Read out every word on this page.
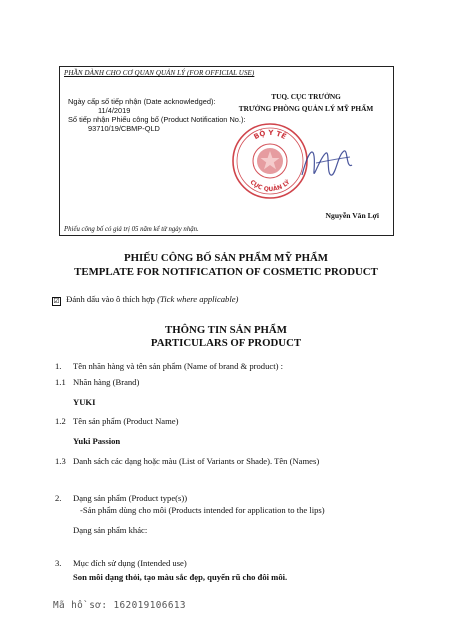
PHẦN DÀNH CHO CƠ QUAN QUẢN LÝ (FOR OFFICIAL USE)
Ngày cấp số tiếp nhận (Date acknowledged):
11/4/2019
Số tiếp nhận Phiếu công bố (Product Notification No.):
93710/19/CBMP-QLD
TUQ. CỤC TRƯỞNG
TRƯỞNG PHÒNG QUẢN LÝ MỸ PHẨM
BỘ Y TẾ
CỤC QUẢN LÝ
Nguyễn Văn Lợi
Phiếu công bố có giá trị 05 năm kể từ ngày nhận.
PHIẾU CÔNG BỐ SẢN PHẨM MỸ PHẨM
TEMPLATE FOR NOTIFICATION OF COSMETIC PRODUCT
☑ Đánh dấu vào ô thích hợp (Tick where applicable)
THÔNG TIN SẢN PHẨM
PARTICULARS OF PRODUCT
1. Tên nhãn hàng và tên sản phẩm (Name of brand & product) :
1.1 Nhãn hàng (Brand)
YUKI
1.2 Tên sản phẩm (Product Name)
Yuki Passion
1.3 Danh sách các dạng hoặc màu (List of Variants or Shade). Tên (Names)
2. Dạng sản phẩm (Product type(s))
-Sản phẩm dùng cho môi (Products intended for application to the lips)
Dạng sản phẩm khác:
3. Mục đích sử dụng (Intended use)
Son môi dạng thỏi, tạo màu sắc đẹp, quyến rũ cho đôi môi.
Mã hồ sơ: 162019106613
